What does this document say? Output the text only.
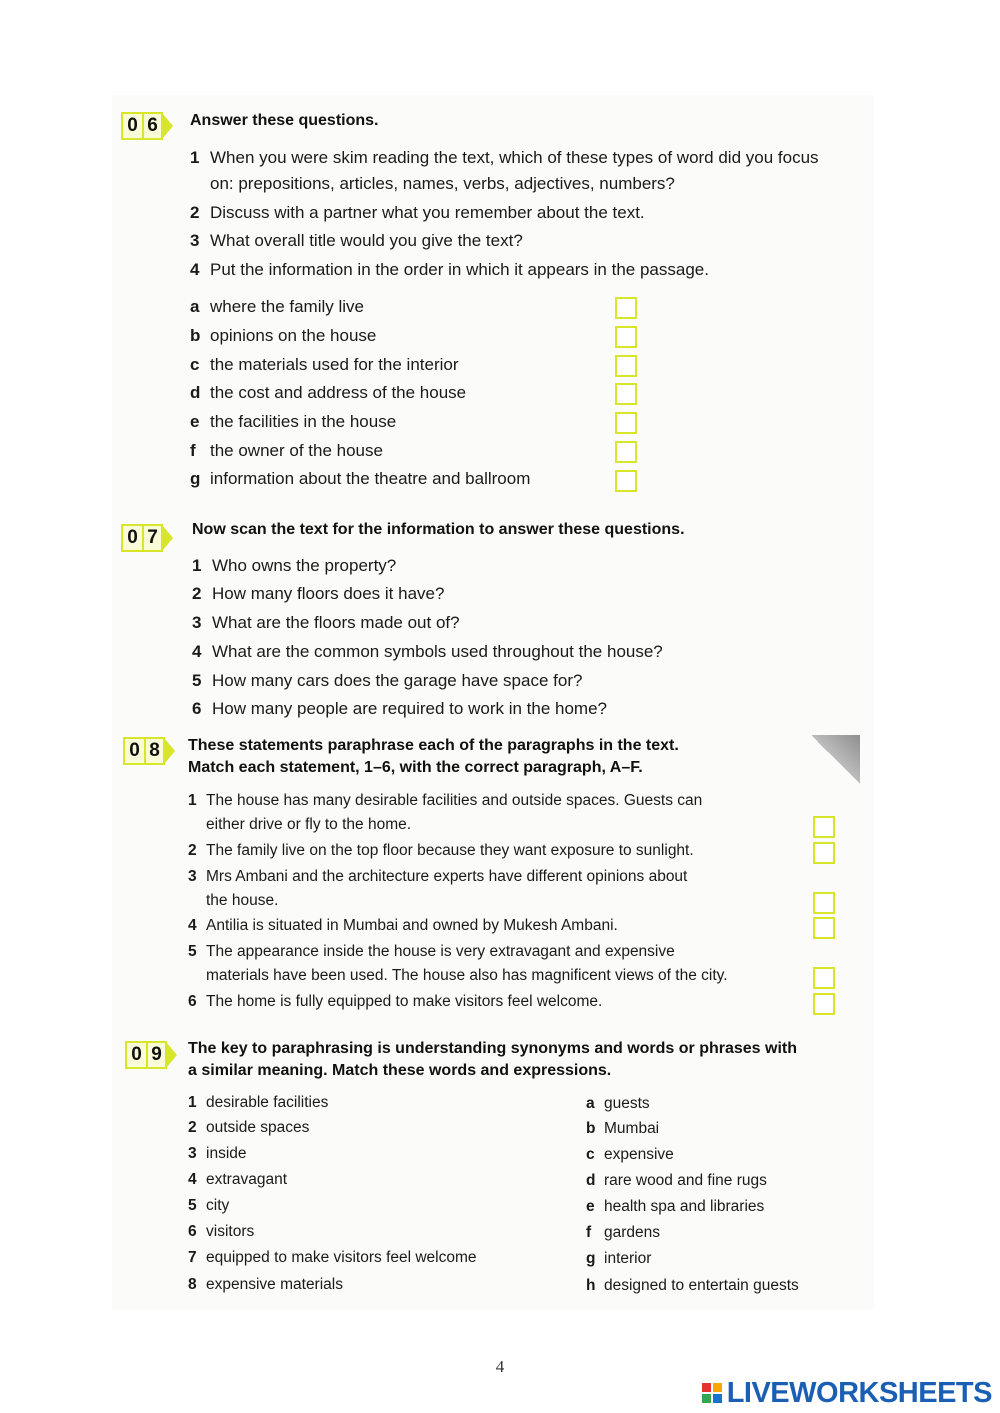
0 6 Answer these questions.
1 When you were skim reading the text, which of these types of word did you focus
on: prepositions, articles, names, verbs, adjectives, numbers?
2 Discuss with a partner what you remember about the text.
3 What overall title would you give the text?
4 Put the information in the order in which it appears in the passage.
a where the family live
b opinions on the house
c the materials used for the interior
d the cost and address of the house
e the facilities in the house
f the owner of the house
g information about the theatre and ballroom
0 7 Now scan the text for the information to answer these questions.
1 Who owns the property?
2 How many floors does it have?
3 What are the floors made out of?
4 What are the common symbols used throughout the house?
5 How many cars does the garage have space for?
6 How many people are required to work in the home?
0 8 These statements paraphrase each of the paragraphs in the text.
Match each statement, 1–6, with the correct paragraph, A–F.
1 The house has many desirable facilities and outside spaces. Guests can
either drive or fly to the home.
2 The family live on the top floor because they want exposure to sunlight.
3 Mrs Ambani and the architecture experts have different opinions about
the house.
4 Antilia is situated in Mumbai and owned by Mukesh Ambani.
5 The appearance inside the house is very extravagant and expensive
materials have been used. The house also has magnificent views of the city.
6 The home is fully equipped to make visitors feel welcome.
0 9 The key to paraphrasing is understanding synonyms and words or phrases with
a similar meaning. Match these words and expressions.
1 desirable facilities
2 outside spaces
3 inside
4 extravagant
5 city
6 visitors
7 equipped to make visitors feel welcome
8 expensive materials
a guests
b Mumbai
c expensive
d rare wood and fine rugs
e health spa and libraries
f gardens
g interior
h designed to entertain guests
4
LIVEWORKSHEETS
